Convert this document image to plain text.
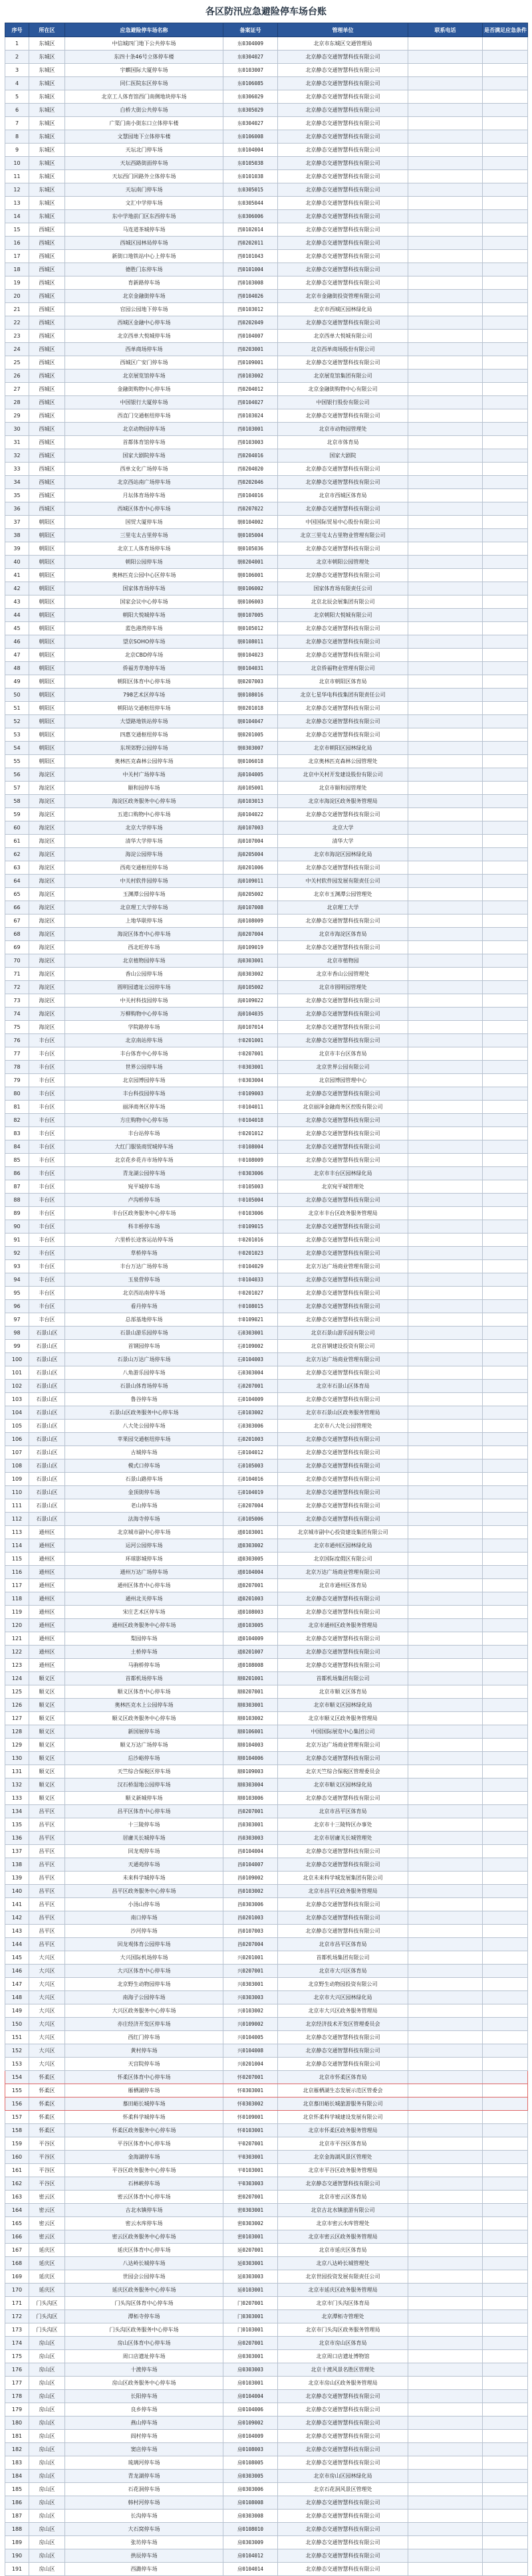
各区防汛应急避险停车场台账
序号	所在区	应急避险停车场名称	备案证号	管理单位	联系电话	是否满足应急条件
1	东城区	中信城四门地下公共停车场	东0304009	北京市东城区交通管理局		
2	东城区	东四十条46号立体停车楼	东0304027	北京静态交通智慧科技有限公司		
3	东城区	宇麒国际大厦停车场	东0103007	北京静态交通智慧科技有限公司		
4	东城区	同仁医院东区停车场	东0106085	北京静态交通智慧科技有限公司		
5	东城区	北京工人体育馆西门南侧地块停车场	东0306029	北京静态交通智慧科技有限公司		
6	东城区	白桥大街公共停车场	东0305029	北京静态交通智慧科技有限公司		
7	东城区	广渠门南小街东口立体停车楼	东0304027	北京静态交通智慧科技有限公司		
8	东城区	文慧园地下立体停车楼	东0106008	北京静态交通智慧科技有限公司		
9	东城区	天坛北门停车场	东0104004	北京静态交通智慧科技有限公司		
10	东城区	天坛西路街面停车场	东0105038	北京静态交通智慧科技有限公司		
11	东城区	天坛西门回路外立体停车场	东0101038	北京静态交通智慧科技有限公司		
12	东城区	天坛南门停车场	东0305015	北京静态交通智慧科技有限公司		
13	东城区	文汇中学停车场	东0305044	北京静态交通智慧科技有限公司		
14	东城区	东中学地前门区东西停车场	东0306006	北京静态交通智慧科技有限公司		
15	西城区	马连道茶城停车场	西0102014	北京静态交通智慧科技有限公司		
16	西城区	西城区园林局停车场	西0202011	北京静态交通智慧科技有限公司		
17	西城区	新街口地铁站中心上停车场	西0101043	北京静态交通智慧科技有限公司		
18	西城区	德胜门东停车场	西0101004	北京静态交通智慧科技有限公司		
19	西城区	育新路停车场	西0103008	北京静态交通智慧科技有限公司		
20	西城区	北京金融街停车场	西0104026	北京市金融街投资管理有限公司		
21	西城区	官园公园地下停车场	西0103012	北京市西城区园林绿化局		
22	西城区	西城区金融中心停车场	西0202049	北京静态交通智慧科技有限公司		
23	西城区	北京西单大悦城停车场	西0104007	北京西单大悦城有限公司		
24	西城区	西单商场停车场	西0203001	北京西单商场股份有限公司		
25	西城区	西城区广安门停车场	西0109001	北京静态交通智慧科技有限公司		
26	西城区	北京展览馆停车场	西0103002	北京展览馆集团有限公司		
27	西城区	金融街购物中心停车场	西0204012	北京金融街购物中心有限公司		
28	西城区	中国银行大厦停车场	西0104027	中国银行股份有限公司		
29	西城区	西直门交通枢纽停车场	西0103024	北京静态交通智慧科技有限公司		
30	西城区	北京动物园停车场	西0103001	北京市动物园管理处		
31	西城区	首都体育馆停车场	西0103003	北京市体育局		
32	西城区	国家大剧院停车场	西0204016	国家大剧院		
33	西城区	西单文化广场停车场	西0204020	北京静态交通智慧科技有限公司		
34	西城区	北京西站南广场停车场	西0202046	北京静态交通智慧科技有限公司		
35	西城区	月坛体育场停车场	西0104016	北京市西城区体育局		
36	西城区	西城区体育中心停车场	西0207022	北京静态交通智慧科技有限公司		
37	朝阳区	国贸大厦停车场	朝0104002	中国国际贸易中心股份有限公司		
38	朝阳区	三里屯太古里停车场	朝0105004	北京三里屯太古里物业管理有限公司		
39	朝阳区	北京工人体育场停车场	朝0105036	北京静态交通智慧科技有限公司		
40	朝阳区	朝阳公园停车场	朝0204001	北京市朝阳公园管理处		
41	朝阳区	奥林匹克公园中心区停车场	朝0106001	北京静态交通智慧科技有限公司		
42	朝阳区	国家体育场停车场	朝0106002	国家体育场有限责任公司		
43	朝阳区	国家会议中心停车场	朝0106003	北京北辰会展集团有限公司		
44	朝阳区	朝阳大悦城停车场	朝0107005	北京朝阳大悦城有限公司		
45	朝阳区	蓝色港湾停车场	朝0105012	北京静态交通智慧科技有限公司		
46	朝阳区	望京SOHO停车场	朝0108011	北京静态交通智慧科技有限公司		
47	朝阳区	北京CBD停车场	朝0104023	北京静态交通智慧科技有限公司		
48	朝阳区	侨福芳草地停车场	朝0104031	北京侨福物业管理有限公司		
49	朝阳区	朝阳区体育中心停车场	朝0207003	北京市朝阳区体育局		
50	朝阳区	798艺术区停车场	朝0108016	北京七星华电科技集团有限责任公司		
51	朝阳区	朝阳站交通枢纽停车场	朝0201018	北京静态交通智慧科技有限公司		
52	朝阳区	大望路地铁站停车场	朝0104047	北京静态交通智慧科技有限公司		
53	朝阳区	四惠交通枢纽停车场	朝0201005	北京静态交通智慧科技有限公司		
54	朝阳区	东坝郊野公园停车场	朝0303007	北京市朝阳区园林绿化局		
55	朝阳区	奥林匹克森林公园停车场	朝0106018	北京奥林匹克森林公园管理处		
56	海淀区	中关村广场停车场	海0104005	北京中关村开发建设股份有限公司		
57	海淀区	颐和园停车场	海0105001	北京市颐和园管理处		
58	海淀区	海淀区政务服务中心停车场	海0103013	北京市海淀区政务服务管理局		
59	海淀区	五道口购物中心停车场	海0104022	北京静态交通智慧科技有限公司		
60	海淀区	北京大学停车场	海0107003	北京大学		
61	海淀区	清华大学停车场	海0107004	清华大学		
62	海淀区	海淀公园停车场	海0205004	北京市海淀区园林绿化局		
63	海淀区	西苑交通枢纽停车场	海0201006	北京静态交通智慧科技有限公司		
64	海淀区	中关村软件园停车场	海0109011	中关村软件园发展有限责任公司		
65	海淀区	玉渊潭公园停车场	海0205002	北京市玉渊潭公园管理处		
66	海淀区	北京理工大学停车场	海0107008	北京理工大学		
67	海淀区	上地华联停车场	海0108009	北京静态交通智慧科技有限公司		
68	海淀区	海淀区体育中心停车场	海0207004	北京市海淀区体育局		
69	海淀区	西北旺停车场	海0109019	北京静态交通智慧科技有限公司		
70	海淀区	北京植物园停车场	海0303001	北京市植物园		
71	海淀区	香山公园停车场	海0303002	北京市香山公园管理处		
72	海淀区	圆明园遗址公园停车场	海0105002	北京市圆明园管理处		
73	海淀区	中关村科技园停车场	海0109022	北京静态交通智慧科技有限公司		
74	海淀区	万柳购物中心停车场	海0104035	北京静态交通智慧科技有限公司		
75	海淀区	学院路停车场	海0107014	北京静态交通智慧科技有限公司		
76	丰台区	北京南站停车场	丰0201001	北京静态交通智慧科技有限公司		
77	丰台区	丰台体育中心停车场	丰0207001	北京市丰台区体育局		
78	丰台区	世界公园停车场	丰0303001	北京世界公园有限公司		
79	丰台区	北京园博园停车场	丰0303004	北京园博园管理中心		
80	丰台区	丰台科技园停车场	丰0109003	北京静态交通智慧科技有限公司		
81	丰台区	丽泽商务区停车场	丰0104011	北京丽泽金融商务区控股有限公司		
82	丰台区	方庄购物中心停车场	丰0104018	北京静态交通智慧科技有限公司		
83	丰台区	丰台站停车场	丰0201012	北京静态交通智慧科技有限公司		
84	丰台区	大红门服装商贸城停车场	丰0108004	北京静态交通智慧科技有限公司		
85	丰台区	北京花乡花卉市场停车场	丰0108009	北京静态交通智慧科技有限公司		
86	丰台区	青龙湖公园停车场	丰0303006	北京市丰台区园林绿化局		
87	丰台区	宛平城停车场	丰0105003	北京宛平城管理处		
88	丰台区	卢沟桥停车场	丰0105004	北京静态交通智慧科技有限公司		
89	丰台区	丰台区政务服务中心停车场	丰0103006	北京市丰台区政务服务管理局		
90	丰台区	科丰桥停车场	丰0109015	北京静态交通智慧科技有限公司		
91	丰台区	六里桥长途客运站停车场	丰0201016	北京静态交通智慧科技有限公司		
92	丰台区	草桥停车场	丰0201023	北京静态交通智慧科技有限公司		
93	丰台区	丰台万达广场停车场	丰0104029	北京万达广场商业管理有限公司		
94	丰台区	玉泉营停车场	丰0104033	北京静态交通智慧科技有限公司		
95	丰台区	北京西站南停车场	丰0201027	北京静态交通智慧科技有限公司		
96	丰台区	看丹停车场	丰0108015	北京静态交通智慧科技有限公司		
97	丰台区	总部基地停车场	丰0109021	北京静态交通智慧科技有限公司		
98	石景山区	石景山游乐园停车场	石0303001	北京石景山游乐园有限公司		
99	石景山区	首钢园停车场	石0109002	北京首钢建设投资有限公司		
100	石景山区	石景山万达广场停车场	石0104003	北京万达广场商业管理有限公司		
101	石景山区	八角游乐园停车场	石0303004	北京静态交通智慧科技有限公司		
102	石景山区	石景山体育场停车场	石0207001	北京市石景山区体育局		
103	石景山区	鲁谷停车场	石0104009	北京静态交通智慧科技有限公司		
104	石景山区	石景山区政务服务中心停车场	石0103002	北京市石景山区政务服务管理局		
105	石景山区	八大处公园停车场	石0303006	北京市八大处公园管理处		
106	石景山区	苹果园交通枢纽停车场	石0201003	北京静态交通智慧科技有限公司		
107	石景山区	古城停车场	石0104012	北京静态交通智慧科技有限公司		
108	石景山区	模式口停车场	石0105003	北京静态交通智慧科技有限公司		
109	石景山区	石景山路停车场	石0104016	北京静态交通智慧科技有限公司		
110	石景山区	金顶街停车场	石0104019	北京静态交通智慧科技有限公司		
111	石景山区	老山停车场	石0207004	北京静态交通智慧科技有限公司		
112	石景山区	法海寺停车场	石0105006	北京静态交通智慧科技有限公司		
113	通州区	北京城市副中心停车场	通0103001	北京城市副中心投资建设集团有限公司		
114	通州区	运河公园停车场	通0303002	北京市通州区园林绿化局		
115	通州区	环球影城停车场	通0303005	北京国际度假区有限公司		
116	通州区	通州万达广场停车场	通0104004	北京万达广场商业管理有限公司		
117	通州区	通州区体育中心停车场	通0207001	北京市通州区体育局		
118	通州区	通州北关停车场	通0201003	北京静态交通智慧科技有限公司		
119	通州区	宋庄艺术区停车场	通0108003	北京静态交通智慧科技有限公司		
120	通州区	通州区政务服务中心停车场	通0103005	北京市通州区政务服务管理局		
121	通州区	梨园停车场	通0104009	北京静态交通智慧科技有限公司		
122	通州区	土桥停车场	通0201007	北京静态交通智慧科技有限公司		
123	通州区	马驹桥停车场	通0108008	北京静态交通智慧科技有限公司		
124	顺义区	首都机场停车场	顺0201001	首都机场集团有限公司		
125	顺义区	顺义区体育中心停车场	顺0207001	北京市顺义区体育局		
126	顺义区	奥林匹克水上公园停车场	顺0303001	北京市顺义区园林绿化局		
127	顺义区	顺义区政务服务中心停车场	顺0103002	北京市顺义区政务服务管理局		
128	顺义区	新国展停车场	顺0106001	中国国际展览中心集团公司		
129	顺义区	顺义万达广场停车场	顺0104003	北京万达广场商业管理有限公司		
130	顺义区	后沙峪停车场	顺0104006	北京静态交通智慧科技有限公司		
131	顺义区	天竺综合保税区停车场	顺0109003	北京天竺综合保税区管理委员会		
132	顺义区	汉石桥湿地公园停车场	顺0303004	北京市顺义区园林绿化局		
133	顺义区	顺义新城停车场	顺0103006	北京静态交通智慧科技有限公司		
134	昌平区	昌平区体育中心停车场	昌0207001	北京市昌平区体育局		
135	昌平区	十三陵停车场	昌0303001	北京市十三陵特区办事处		
136	昌平区	居庸关长城停车场	昌0303003	北京市居庸关长城管理处		
137	昌平区	回龙观停车场	昌0104004	北京静态交通智慧科技有限公司		
138	昌平区	天通苑停车场	昌0104007	北京静态交通智慧科技有限公司		
139	昌平区	未来科学城停车场	昌0109002	北京未来科学城发展集团有限公司		
140	昌平区	昌平区政务服务中心停车场	昌0103002	北京市昌平区政务服务管理局		
141	昌平区	小汤山停车场	昌0303006	北京静态交通智慧科技有限公司		
142	昌平区	南口停车场	昌0201003	北京静态交通智慧科技有限公司		
143	昌平区	沙河停车场	昌0107003	北京静态交通智慧科技有限公司		
144	昌平区	回龙观体育公园停车场	昌0207004	北京市昌平区体育局		
145	大兴区	大兴国际机场停车场	兴0201001	首都机场集团有限公司		
146	大兴区	大兴区体育中心停车场	兴0207001	北京市大兴区体育局		
147	大兴区	北京野生动物园停车场	兴0303001	北京野生动物园投资有限公司		
148	大兴区	南海子公园停车场	兴0303003	北京市大兴区园林绿化局		
149	大兴区	大兴区政务服务中心停车场	兴0103002	北京市大兴区政务服务管理局		
150	大兴区	亦庄经济开发区停车场	兴0109002	北京经济技术开发区管理委员会		
151	大兴区	西红门停车场	兴0104005	北京静态交通智慧科技有限公司		
152	大兴区	黄村停车场	兴0104008	北京静态交通智慧科技有限公司		
153	大兴区	天宫院停车场	兴0201004	北京静态交通智慧科技有限公司		
154	怀柔区	怀柔区体育中心停车场	怀0207001	北京市怀柔区体育局		
155	怀柔区	雁栖湖停车场	怀0303001	北京雁栖湖生态发展示范区管委会		
156	怀柔区	慕田峪长城停车场	怀0303002	北京慕田峪长城旅游服务有限公司		
157	怀柔区	怀柔科学城停车场	怀0109001	北京怀柔科学城建设发展有限公司		
158	怀柔区	怀柔区政务服务中心停车场	怀0103001	北京市怀柔区政务服务管理局		
159	平谷区	平谷区体育中心停车场	平0207001	北京市平谷区体育局		
160	平谷区	金海湖停车场	平0303001	北京金海湖风景区管理处		
161	平谷区	平谷区政务服务中心停车场	平0103001	北京市平谷区政务服务管理局		
162	平谷区	石林峡停车场	平0303003	北京静态交通智慧科技有限公司		
163	密云区	密云区体育中心停车场	密0207001	北京市密云区体育局		
164	密云区	古北水镇停车场	密0303001	北京古北水镇旅游有限公司		
165	密云区	密云水库停车场	密0303002	北京市密云水库管理处		
166	密云区	密云区政务服务中心停车场	密0103001	北京市密云区政务服务管理局		
167	延庆区	延庆区体育中心停车场	延0207001	北京市延庆区体育局		
168	延庆区	八达岭长城停车场	延0303001	北京八达岭长城管理处		
169	延庆区	世园会公园停车场	延0303003	北京世园投资发展有限责任公司		
170	延庆区	延庆区政务服务中心停车场	延0103001	北京市延庆区政务服务管理局		
171	门头沟区	门头沟区体育中心停车场	门0207001	北京市门头沟区体育局		
172	门头沟区	潭柘寺停车场	门0303001	北京潭柘寺管理处		
173	门头沟区	门头沟区政务服务中心停车场	门0103001	北京市门头沟区政务服务管理局		
174	房山区	房山区体育中心停车场	房0207001	北京市房山区体育局		
175	房山区	周口店遗址停车场	房0303001	北京周口店遗址博物馆		
176	房山区	十渡停车场	房0303003	北京十渡风景名胜区管理处		
177	房山区	房山区政务服务中心停车场	房0103001	北京市房山区政务服务管理局		
178	房山区	长阳停车场	房0104004	北京静态交通智慧科技有限公司		
179	房山区	良乡停车场	房0104006	北京静态交通智慧科技有限公司		
180	房山区	燕山停车场	房0109002	北京静态交通智慧科技有限公司		
181	房山区	阎村停车场	房0104009	北京静态交通智慧科技有限公司		
182	房山区	窦店停车场	房0108003	北京静态交通智慧科技有限公司		
183	房山区	琉璃河停车场	房0108005	北京静态交通智慧科技有限公司		
184	房山区	青龙湖停车场	房0303005	北京市房山区园林绿化局		
185	房山区	石花洞停车场	房0303006	北京石花洞风景区管理处		
186	房山区	韩村河停车场	房0108008	北京静态交通智慧科技有限公司		
187	房山区	长沟停车场	房0303008	北京静态交通智慧科技有限公司		
188	房山区	大石窝停车场	房0108010	北京静态交通智慧科技有限公司		
189	房山区	张坊停车场	房0303009	北京静态交通智慧科技有限公司		
190	房山区	拱辰停车场	房0104012	北京静态交通智慧科技有限公司		
191	房山区	西潞停车场	房0104014	北京静态交通智慧科技有限公司		
